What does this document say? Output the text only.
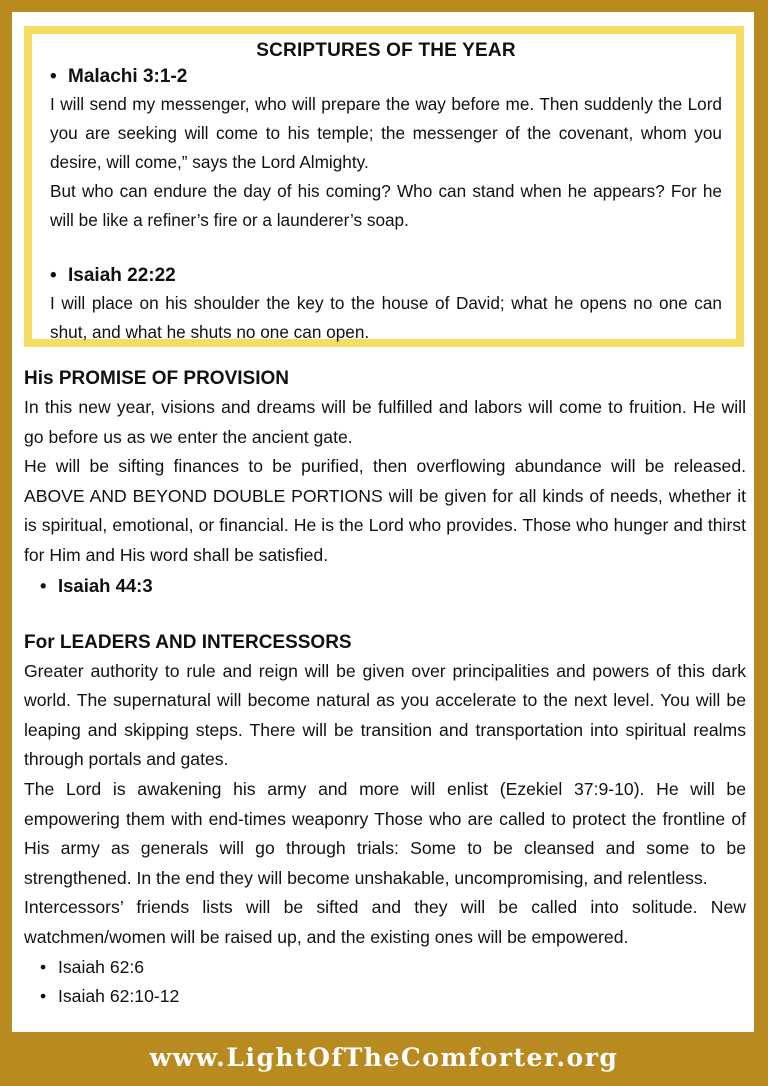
SCRIPTURES OF THE YEAR
• Malachi 3:1-2

I will send my messenger, who will prepare the way before me. Then suddenly the Lord you are seeking will come to his temple; the messenger of the covenant, whom you desire, will come,” says the Lord Almighty.

But who can endure the day of his coming? Who can stand when he appears? For he will be like a refiner’s fire or a launderer’s soap.

• Isaiah 22:22

I will place on his shoulder the key to the house of David; what he opens no one can shut, and what he shuts no one can open.

His PROMISE OF PROVISION

In this new year, visions and dreams will be fulfilled and labors will come to fruition. He will go before us as we enter the ancient gate.

He will be sifting finances to be purified, then overflowing abundance will be released. ABOVE AND BEYOND DOUBLE PORTIONS will be given for all kinds of needs, whether it is spiritual, emotional, or financial. He is the Lord who provides. Those who hunger and thirst for Him and His word shall be satisfied.

• Isaiah 44:3
For LEADERS AND INTERCESSORS

Greater authority to rule and reign will be given over principalities and powers of this dark world. The supernatural will become natural as you accelerate to the next level. You will be leaping and skipping steps. There will be transition and transportation into spiritual realms through portals and gates.

The Lord is awakening his army and more will enlist (Ezekiel 37:9-10). He will be empowering them with end-times weaponry Those who are called to protect the frontline of His army as generals will go through trials: Some to be cleansed and some to be strengthened. In the end they will become unshakable, uncompromising, and relentless.

Intercessors’ friends lists will be sifted and they will be called into solitude. New watchmen/women will be raised up, and the existing ones will be empowered.

• Isaiah 62:6
• Isaiah 62:10-12
www.LightOfTheComforter.org
